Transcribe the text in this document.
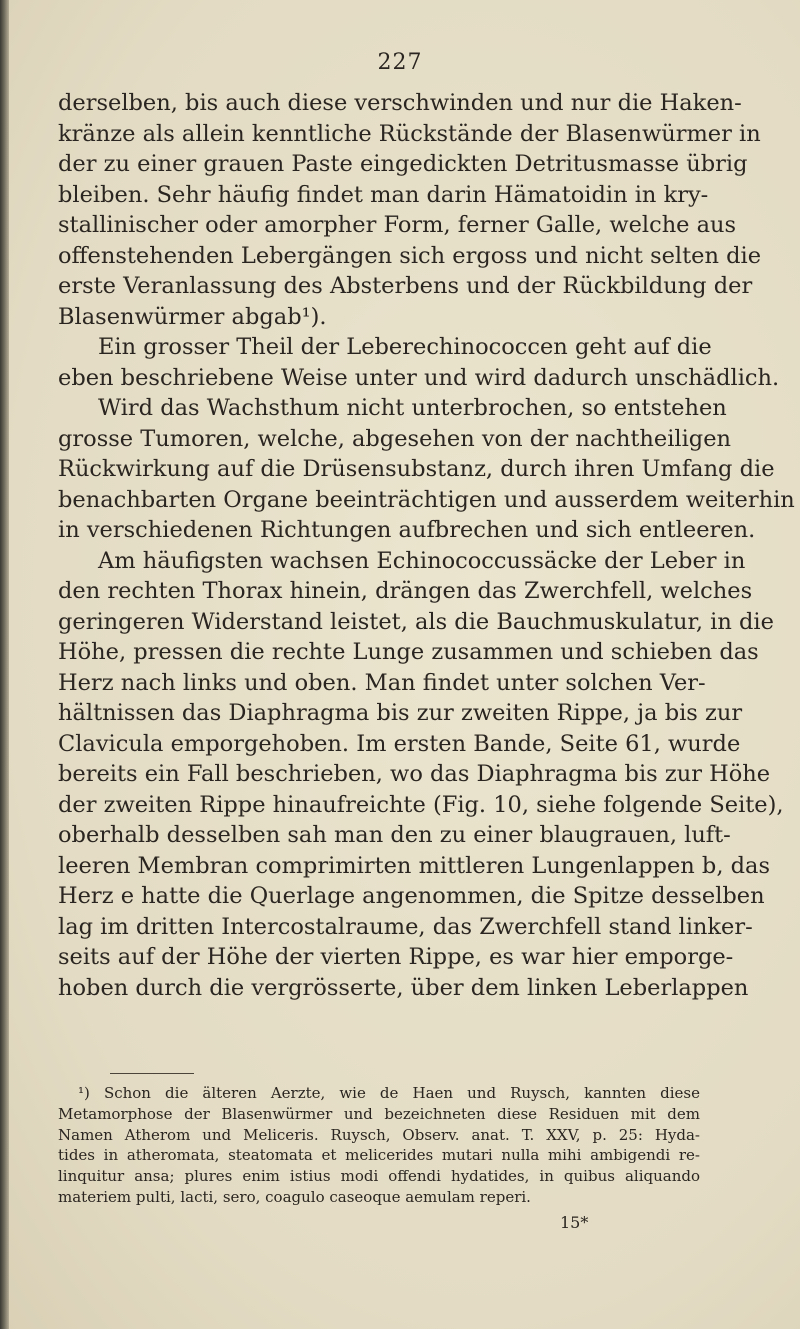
227
derselben, bis auch diese verschwinden und nur die Haken-
kränze als allein kenntliche Rückstände der Blasenwürmer in
der zu einer grauen Paste eingedickten Detritusmasse übrig
bleiben. Sehr häufig findet man darin Hämatoidin in kry-
stallinischer oder amorpher Form, ferner Galle, welche aus
offenstehenden Lebergängen sich ergoss und nicht selten die
erste Veranlassung des Absterbens und der Rückbildung der
Blasenwürmer abgab¹).
Ein grosser Theil der Leberechinococcen geht auf die
eben beschriebene Weise unter und wird dadurch unschädlich.
Wird das Wachsthum nicht unterbrochen, so entstehen
grosse Tumoren, welche, abgesehen von der nachtheiligen
Rückwirkung auf die Drüsensubstanz, durch ihren Umfang die
benachbarten Organe beeinträchtigen und ausserdem weiterhin
in verschiedenen Richtungen aufbrechen und sich entleeren.
Am häufigsten wachsen Echinococcussäcke der Leber in
den rechten Thorax hinein, drängen das Zwerchfell, welches
geringeren Widerstand leistet, als die Bauchmuskulatur, in die
Höhe, pressen die rechte Lunge zusammen und schieben das
Herz nach links und oben. Man findet unter solchen Ver-
hältnissen das Diaphragma bis zur zweiten Rippe, ja bis zur
Clavicula emporgehoben. Im ersten Bande, Seite 61, wurde
bereits ein Fall beschrieben, wo das Diaphragma bis zur Höhe
der zweiten Rippe hinaufreichte (Fig. 10, siehe folgende Seite),
oberhalb desselben sah man den zu einer blaugrauen, luft-
leeren Membran comprimirten mittleren Lungenlappen b, das
Herz e hatte die Querlage angenommen, die Spitze desselben
lag im dritten Intercostalraume, das Zwerchfell stand linker-
seits auf der Höhe der vierten Rippe, es war hier emporge-
hoben durch die vergrösserte, über dem linken Leberlappen
¹) Schon die älteren Aerzte, wie de Haen und Ruysch, kannten diese
Metamorphose der Blasenwürmer und bezeichneten diese Residuen mit dem
Namen Atherom und Meliceris. Ruysch, Observ. anat. T. XXV, p. 25: Hyda-
tides in atheromata, steatomata et melicerides mutari nulla mihi ambigendi re-
linquitur ansa; plures enim istius modi offendi hydatides, in quibus aliquando
materiem pulti, lacti, sero, coagulo caseoque aemulam reperi.
15*
